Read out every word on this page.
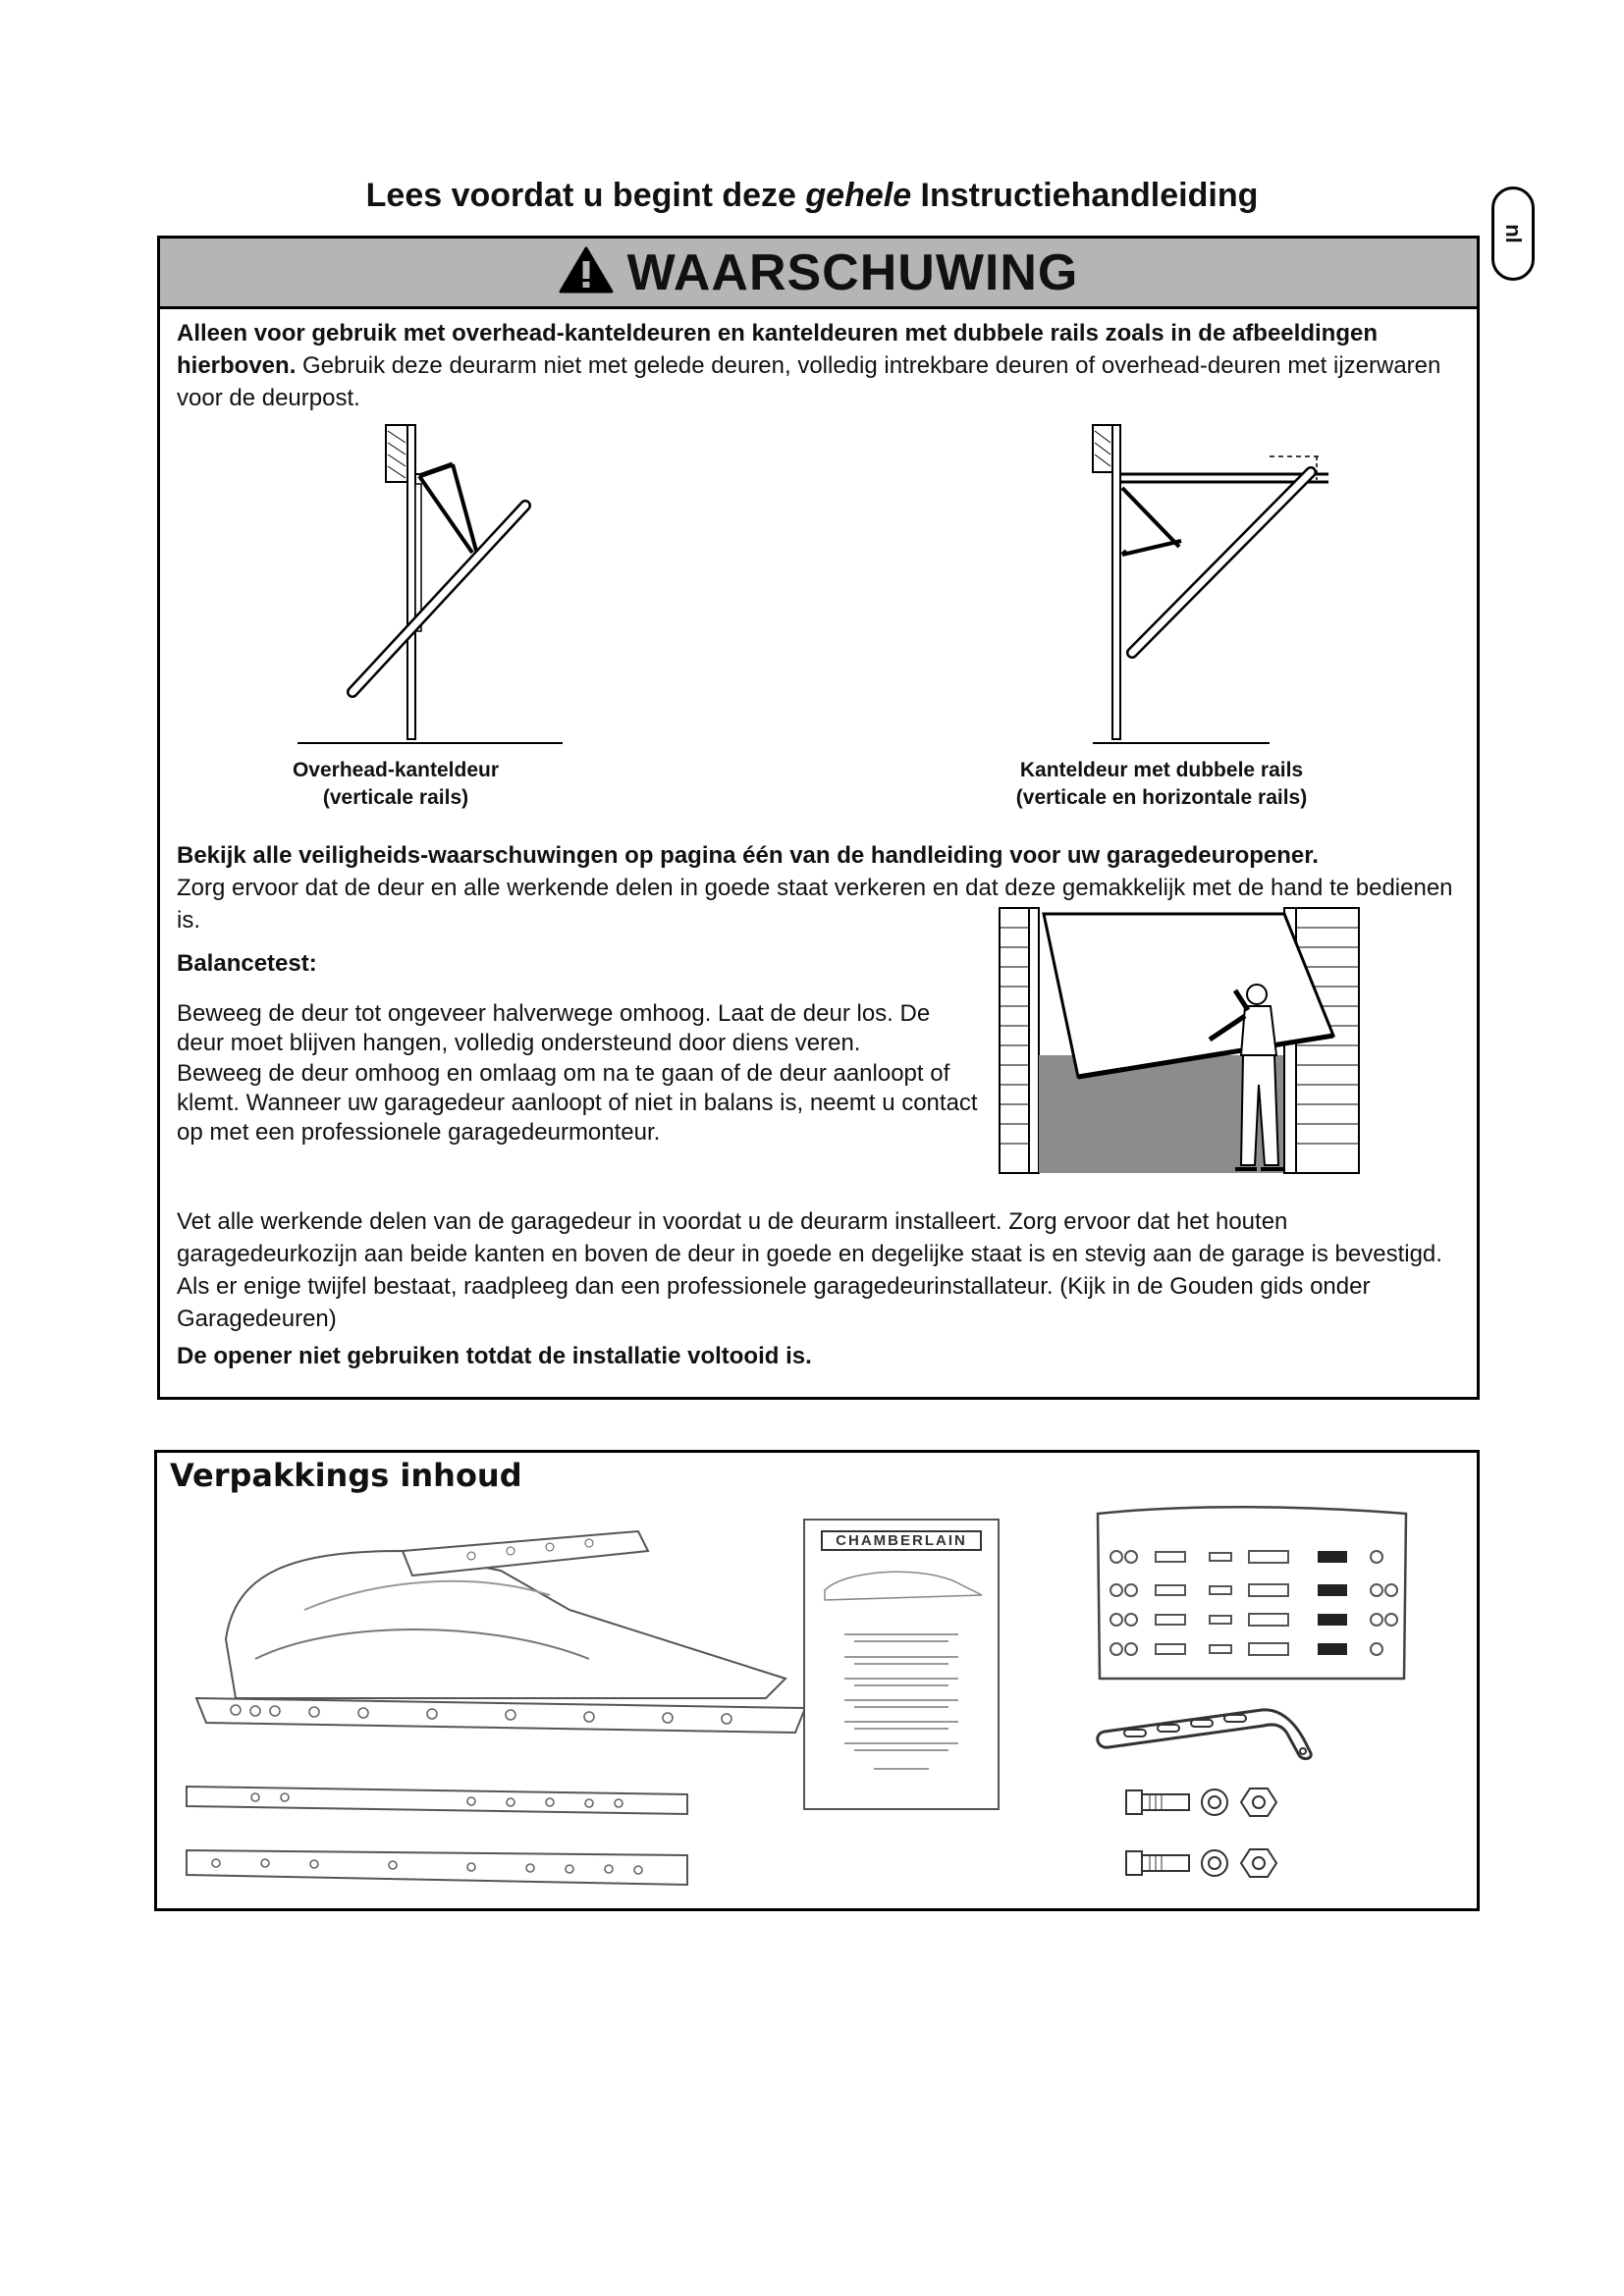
Lees voordat u begint deze gehele Instructiehandleiding
nl
WAARSCHUWING
Alleen voor gebruik met overhead-kanteldeuren en kanteldeuren met dubbele rails zoals in de afbeeldingen hierboven. Gebruik deze deurarm niet met gelede deuren, volledig intrekbare deuren of overhead-deuren met ijzerwaren voor de deurpost.
Overhead-kanteldeur
(verticale rails)
Kanteldeur met dubbele rails
(verticale en horizontale rails)
Bekijk alle veiligheids-waarschuwingen op pagina één van de handleiding voor uw garagedeuropener.
Zorg ervoor dat de deur en alle werkende delen in goede staat verkeren en dat deze gemakkelijk met de hand te bedienen is.
Balancetest:
Beweeg de deur tot ongeveer halverwege omhoog. Laat de deur los. De deur moet blijven hangen, volledig ondersteund door diens veren.
Beweeg de deur omhoog en omlaag om na te gaan of de deur aanloopt of klemt. Wanneer uw garagedeur aanloopt of niet in balans is, neemt u contact op met een professionele garagedeurmonteur.
Vet alle werkende delen van de garagedeur in voordat u de deurarm installeert. Zorg ervoor dat het houten garagedeurkozijn aan beide kanten en boven de deur in goede en degelijke staat is en stevig aan de garage is bevestigd. Als er enige twijfel bestaat, raadpleeg dan een professionele garagedeurinstallateur. (Kijk in de Gouden gids onder Garagedeuren)
De opener niet gebruiken totdat de installatie voltooid is.
Verpakkings inhoud
CHAMBERLAIN
